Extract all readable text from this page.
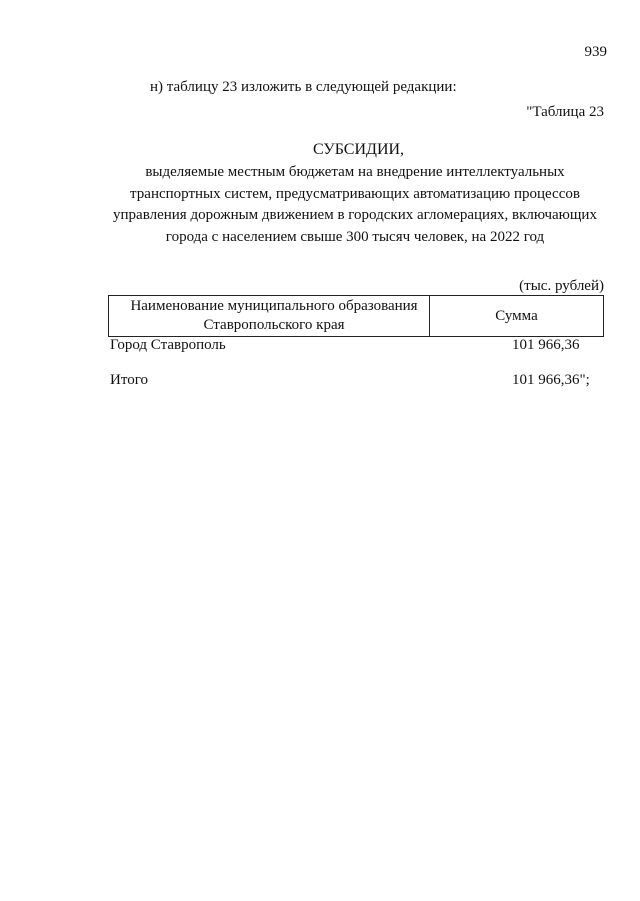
939
н) таблицу 23 изложить в следующей редакции:
"Таблица 23
СУБСИДИИ,
выделяемые местным бюджетам на внедрение интеллектуальных транспортных систем, предусматривающих автоматизацию процессов управления дорожным движением в городских агломерациях, включающих города с населением свыше 300 тысяч человек, на 2022 год
(тыс. рублей)
Наименование муниципального образования Ставропольского края
Сумма
Город Ставрополь	101 966,36
Итого	101 966,36";
